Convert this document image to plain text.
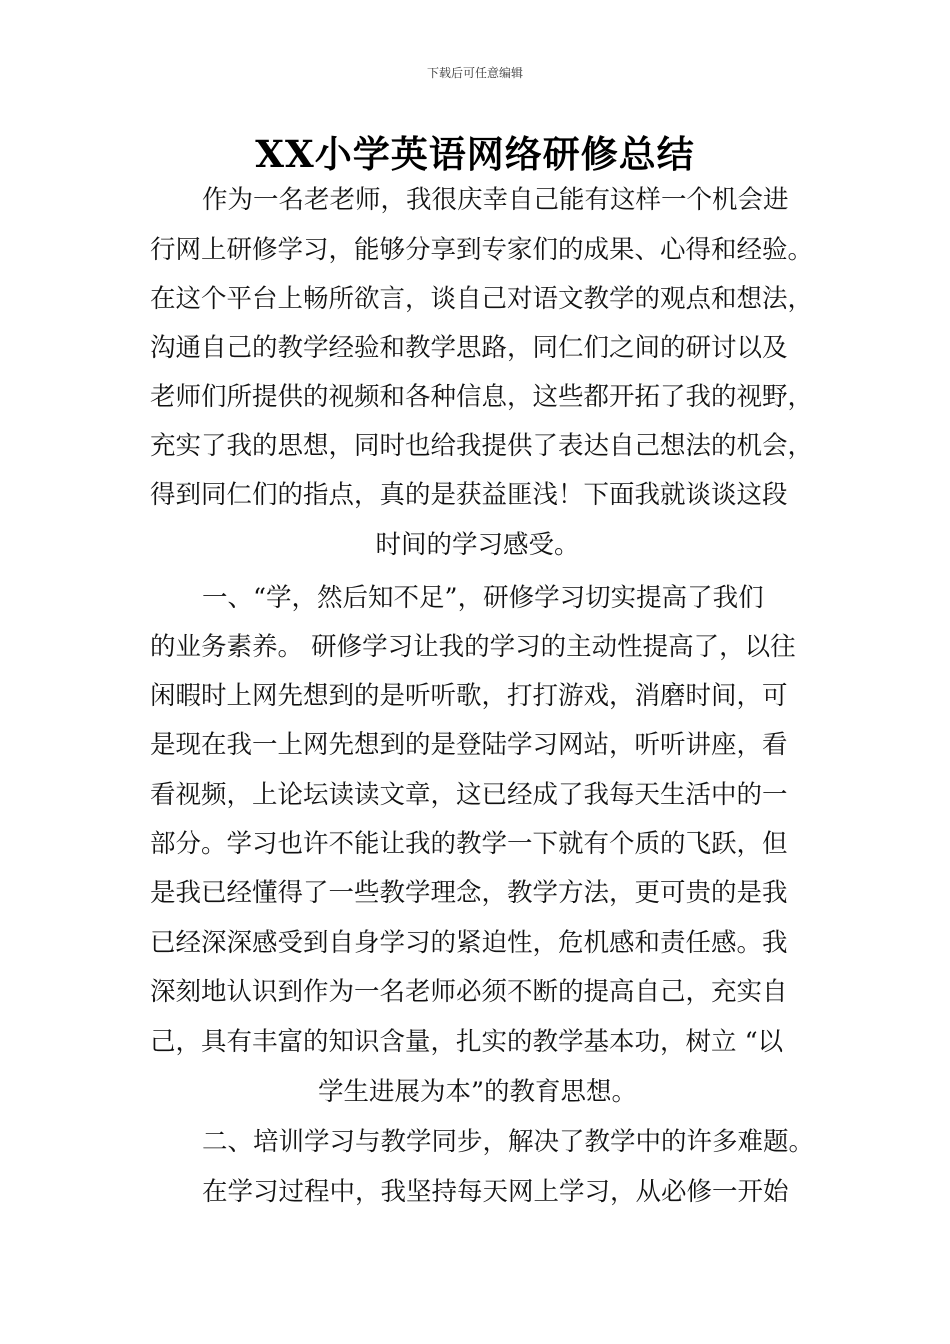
下载后可任意编辑
XX小学英语网络研修总结
作为一名老老师，我很庆幸自己能有这样一个机会进
行网上研修学习，能够分享到专家们的成果、心得和经验。
在这个平台上畅所欲言，谈自己对语文教学的观点和想法，
沟通自己的教学经验和教学思路，同仁们之间的研讨以及
老师们所提供的视频和各种信息，这些都开拓了我的视野，
充实了我的思想，同时也给我提供了表达自己想法的机会，
得到同仁们的指点，真的是获益匪浅！下面我就谈谈这段
时间的学习感受。
一、“学，然后知不足”，研修学习切实提高了我们
的业务素养。 研修学习让我的学习的主动性提高了，以往
闲暇时上网先想到的是听听歌，打打游戏，消磨时间，可
是现在我一上网先想到的是登陆学习网站，听听讲座，看
看视频，上论坛读读文章，这已经成了我每天生活中的一
部分。学习也许不能让我的教学一下就有个质的飞跃，但
是我已经懂得了一些教学理念，教学方法，更可贵的是我
已经深深感受到自身学习的紧迫性，危机感和责任感。我
深刻地认识到作为一名老师必须不断的提高自己，充实自
己，具有丰富的知识含量，扎实的教学基本功，树立 “以
学生进展为本”的教育思想。
二、培训学习与教学同步，解决了教学中的许多难题。
在学习过程中，我坚持每天网上学习，从必修一开始
